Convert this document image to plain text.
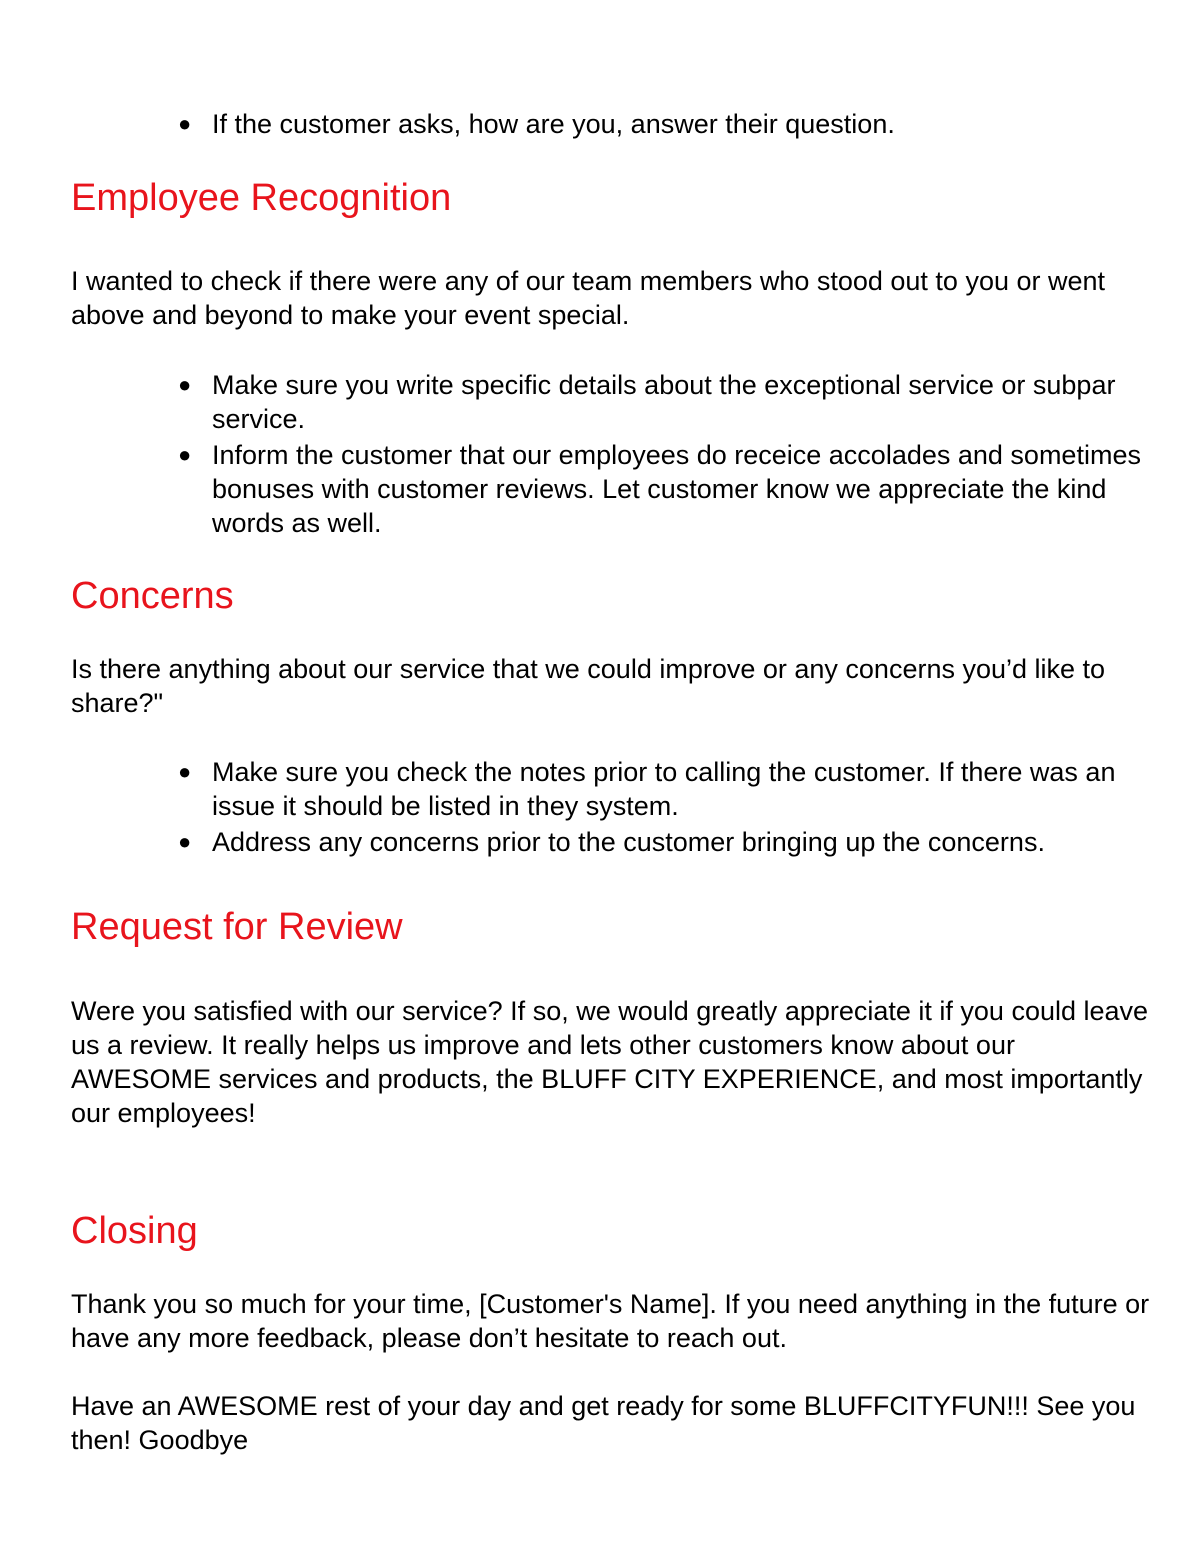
● If the customer asks, how are you, answer their question.
Employee Recognition

I wanted to check if there were any of our team members who stood out to you or went above and beyond to make your event special.

● Make sure you write specific details about the exceptional service or subpar service.
● Inform the customer that our employees do receice accolades and sometimes bonuses with customer reviews. Let customer know we appreciate the kind words as well.
Concerns

Is there anything about our service that we could improve or any concerns you’d like to share?"

● Make sure you check the notes prior to calling the customer. If there was an issue it should be listed in they system.
● Address any concerns prior to the customer bringing up the concerns.
Request for Review

Were you satisfied with our service? If so, we would greatly appreciate it if you could leave us a review. It really helps us improve and lets other customers know about our AWESOME services and products, the BLUFF CITY EXPERIENCE, and most importantly our employees!

Closing

Thank you so much for your time, [Customer's Name]. If you need anything in the future or have any more feedback, please don’t hesitate to reach out.

Have an AWESOME rest of your day and get ready for some BLUFFCITYFUN!!! See you then! Goodbye
